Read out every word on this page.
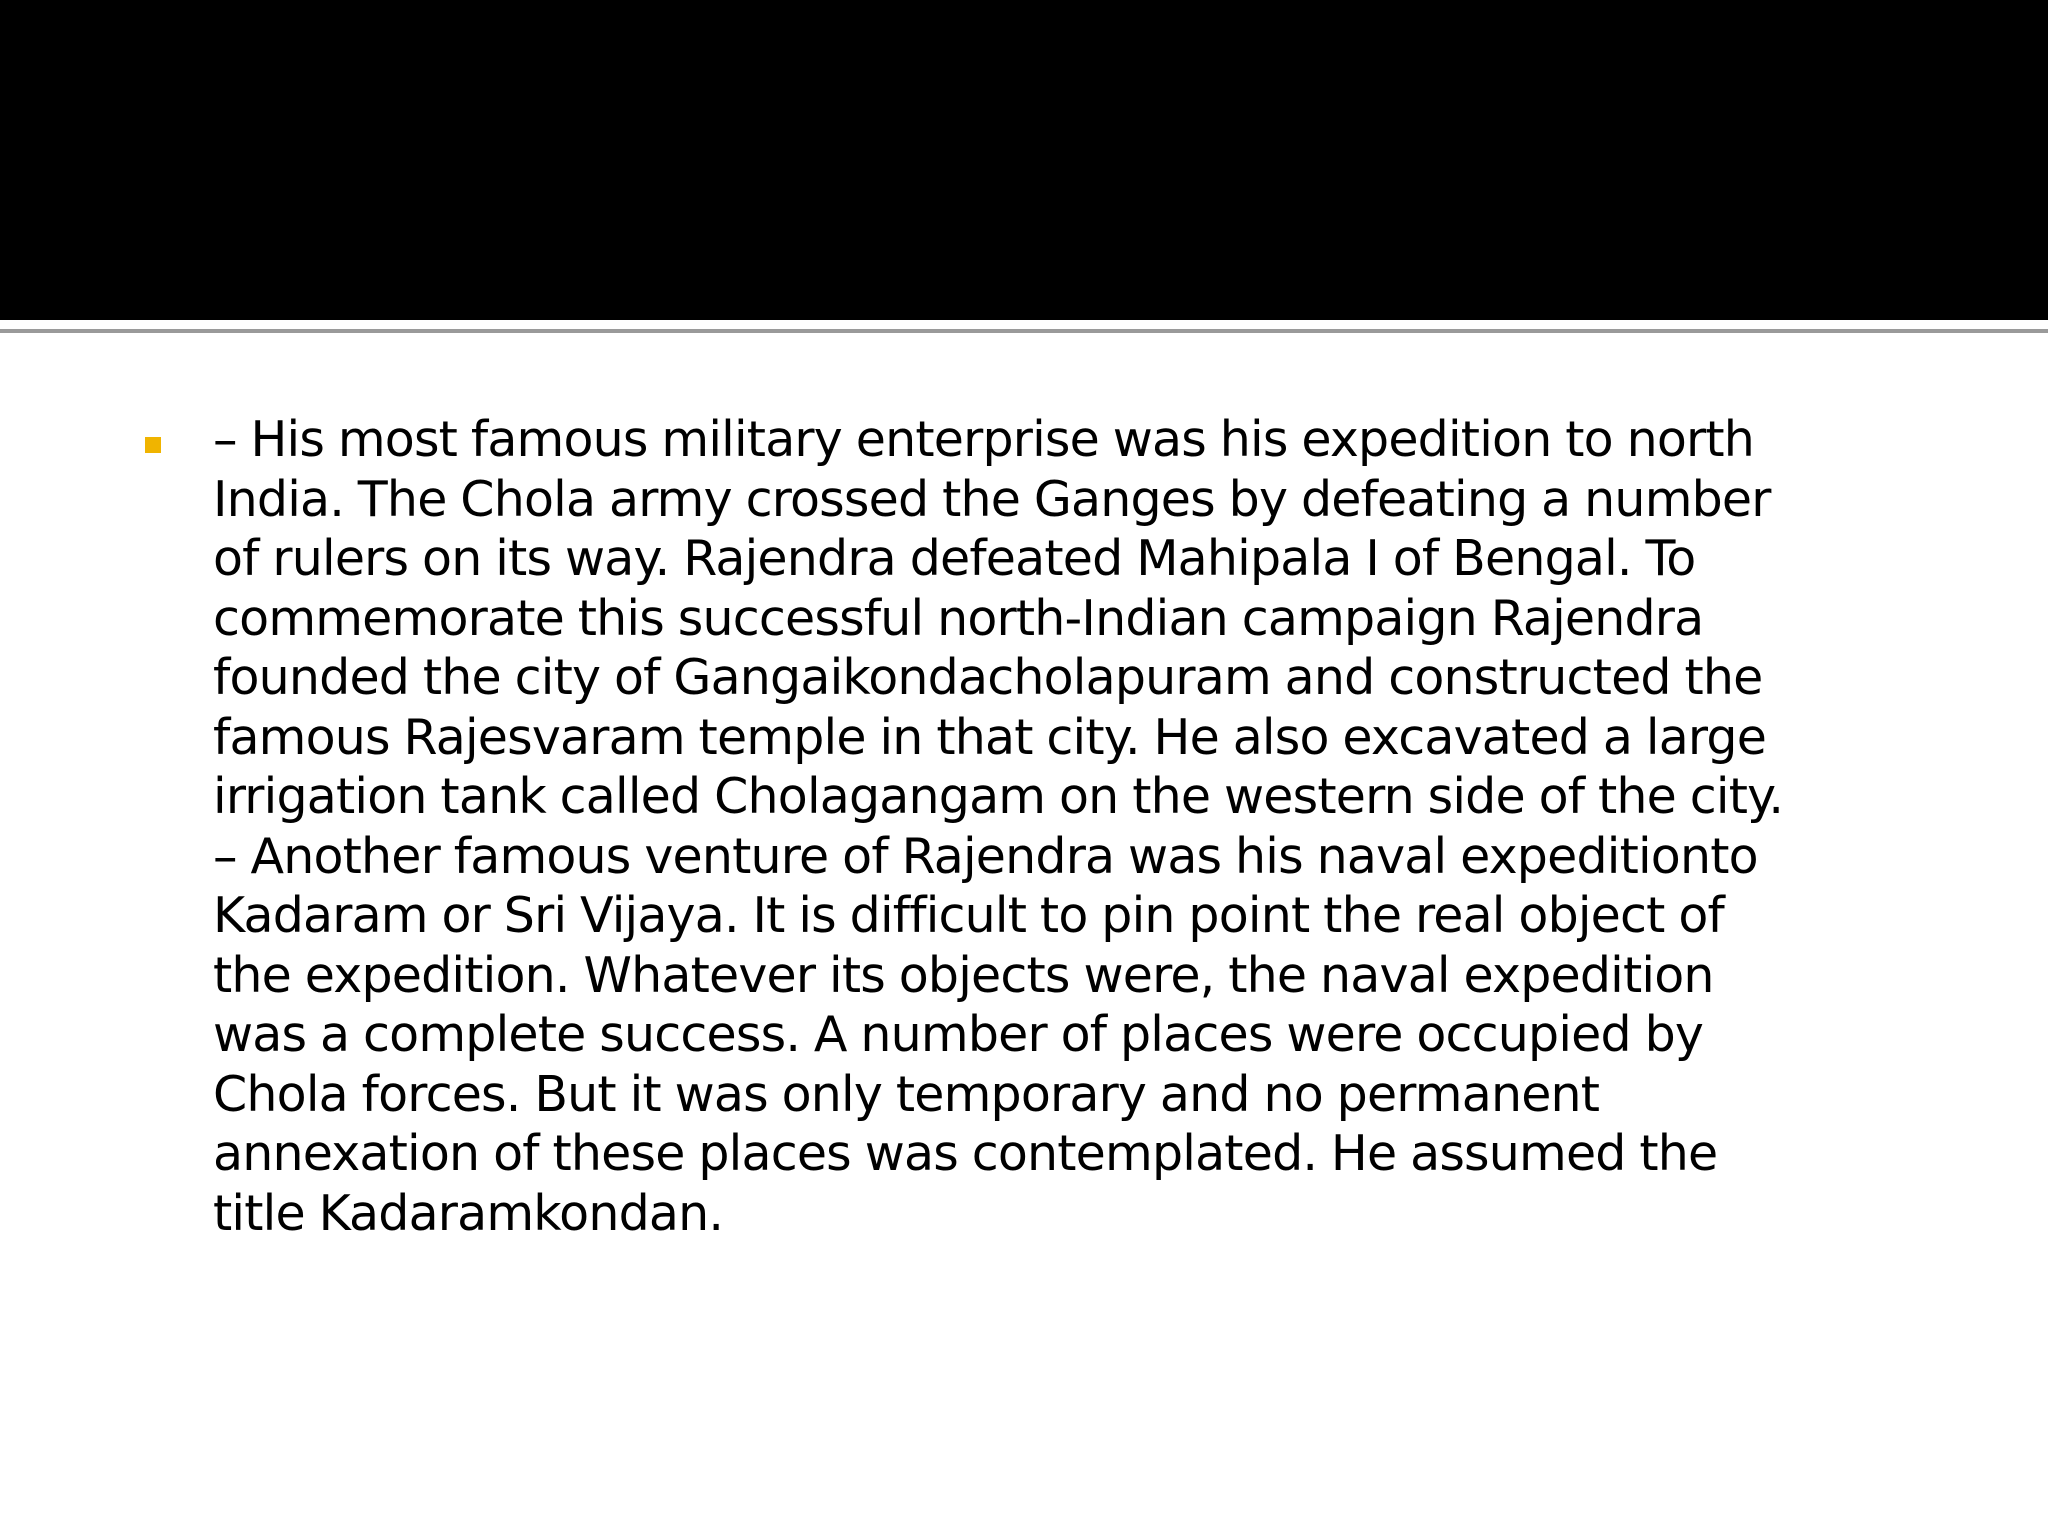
– His most famous military enterprise was his expedition to north
India. The Chola army crossed the Ganges by defeating a number
of rulers on its way. Rajendra defeated Mahipala I of Bengal. To
commemorate this successful north-Indian campaign Rajendra
founded the city of Gangaikondacholapuram and constructed the
famous Rajesvaram temple in that city. He also excavated a large
irrigation tank called Cholagangam on the western side of the city.
– Another famous venture of Rajendra was his naval expeditionto
Kadaram or Sri Vijaya. It is difficult to pin point the real object of
the expedition. Whatever its objects were, the naval expedition
was a complete success. A number of places were occupied by
Chola forces. But it was only temporary and no permanent
annexation of these places was contemplated. He assumed the
title Kadaramkondan.
